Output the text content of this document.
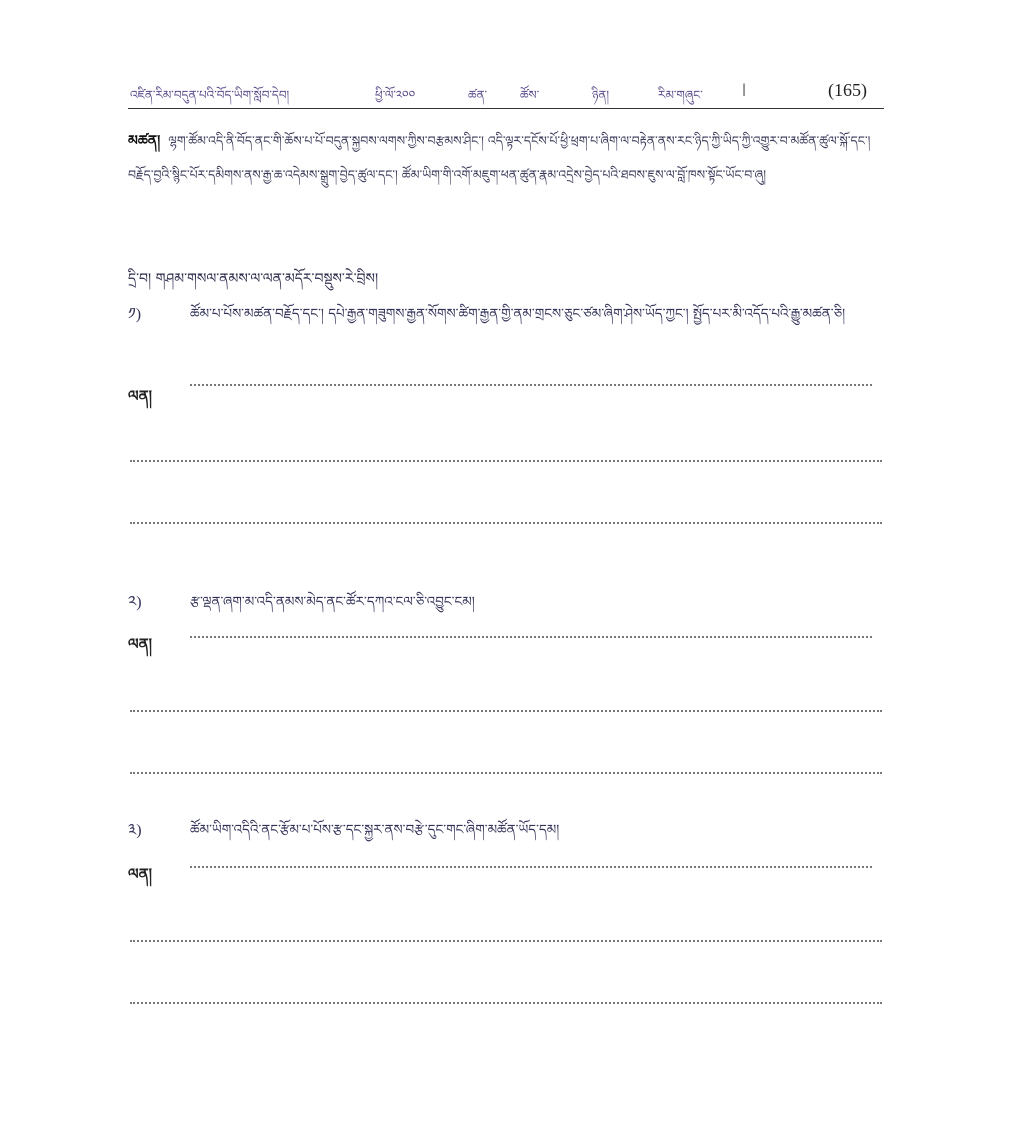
འཛིན་རིམ་བདུན་པའི་བོད་ཡིག་སློབ་དེབ།	ཕྱི་ལོ་༢༠༠	ཚན་	ཚོས་	ཉིན།	རིམ་གཞུང་	|	(165)
མཚན། ལྷག་ཚོམ་འདི་ནི་བོད་ནང་གི་ཆོས་པ་པོ་བདུན་སྐྱབས་ལགས་ཀྱིས་བརྩམས་ཤིང་། འདི་ལྟར་དངོས་པོ་ཕྱི་ཕྲག་པ་ཞིག་ལ་བརྟེན་ནས་རང་ཉིད་ཀྱི་ཡིད་ཀྱི་འགྱུར་བ་མཚོན་ཚུལ་སྐོ་དང་། བརྗོད་བྱའི་སྙིང་པོར་དམིགས་ནས་རྒྱ་ཆ་འདེམས་སྒྲུག་བྱེད་ཚུལ་དང་། ཚོམ་ཡིག་གི་འགོ་མཇུག་ཕན་ཚུན་རྣམ་འདྲེས་བྱེད་པའི་ཐབས་ཇུས་ལ་བློ་ཁས་སྟོང་ཡོང་བ་ཞུ།
དྲི་བ། གཤམ་གསལ་ནམས་ལ་ལན་མདོར་བསྡུས་རེ་བྲིས།
༡)	ཚོམ་པ་པོས་མཚན་བརྗོད་དང་། དཔེ་རྒྱན་གཟུགས་རྒྱན་སོགས་ཚིག་རྒྱན་གྱི་ནམ་གྲངས་ཅུང་ཙམ་ཞིག་ཤེས་ཡོད་ཀྱང་། སྤྱོད་པར་མི་འདོད་པའི་རྒྱུ་མཚན་ཅི།
ལན།
༢)	རྩ་ལྡན་ཞག་མ་འདི་ནམས་མེད་ནང་ཚོར་དཀའ་ངལ་ཅི་འབྱུང་ངམ།
ལན།
༣)	ཚོམ་ཡིག་འདིའི་ནང་རྩོམ་པ་པོས་རྩ་དང་སྐྱར་ནས་བརྩེ་དུང་གང་ཞིག་མཚོན་ཡོད་དམ།
ལན།
